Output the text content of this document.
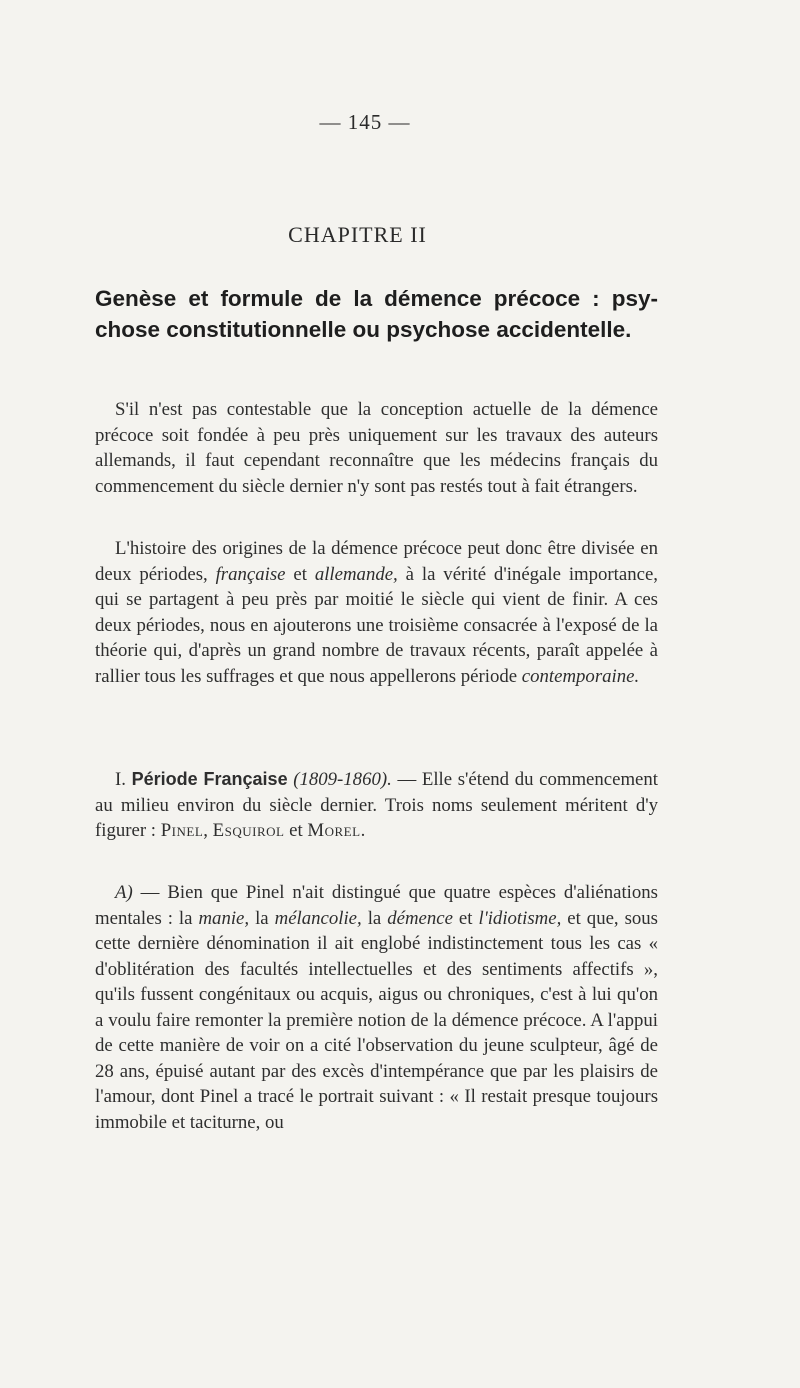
— 145 —
CHAPITRE II
Genèse et formule de la démence précoce : psychose constitutionnelle ou psychose accidentelle.
S'il n'est pas contestable que la conception actuelle de la démence précoce soit fondée à peu près uniquement sur les travaux des auteurs allemands, il faut cependant reconnaître que les médecins français du commencement du siècle dernier n'y sont pas restés tout à fait étrangers.
L'histoire des origines de la démence précoce peut donc être divisée en deux périodes, française et allemande, à la vérité d'inégale importance, qui se partagent à peu près par moitié le siècle qui vient de finir. A ces deux périodes, nous en ajouterons une troisième consacrée à l'exposé de la théorie qui, d'après un grand nombre de travaux récents, paraît appelée à rallier tous les suffrages et que nous appellerons période contemporaine.
I. Période Française (1809-1860). — Elle s'étend du commencement au milieu environ du siècle dernier. Trois noms seulement méritent d'y figurer : Pinel, Esquirol et Morel.
A) — Bien que Pinel n'ait distingué que quatre espèces d'aliénations mentales : la manie, la mélancolie, la démence et l'idiotisme, et que, sous cette dernière dénomination il ait englobé indistinctement tous les cas « d'oblitération des facultés intellectuelles et des sentiments affectifs », qu'ils fussent congénitaux ou acquis, aigus ou chroniques, c'est à lui qu'on a voulu faire remonter la première notion de la démence précoce. A l'appui de cette manière de voir on a cité l'observation du jeune sculpteur, âgé de 28 ans, épuisé autant par des excès d'intempérance que par les plaisirs de l'amour, dont Pinel a tracé le portrait suivant : « Il restait presque toujours immobile et taciturne, ou
